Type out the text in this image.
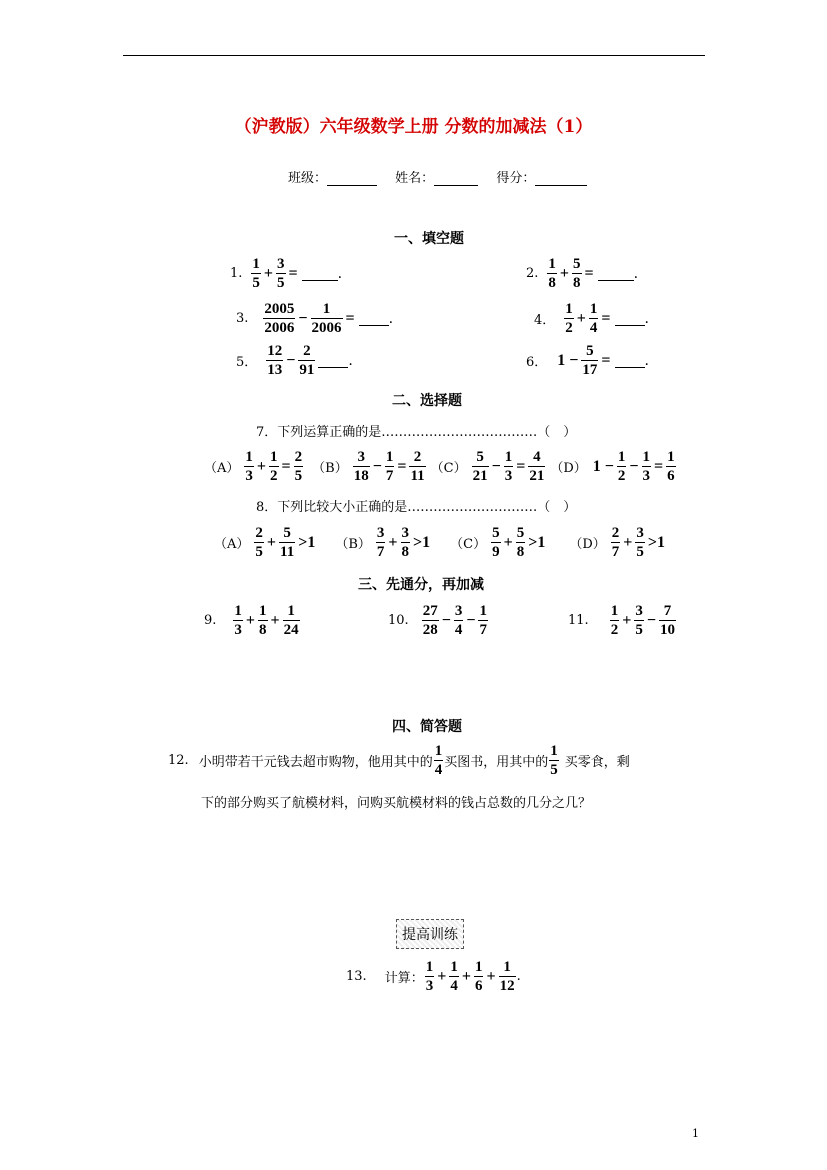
（沪教版）六年级数学上册 分数的加减法（1）
班级：	姓名：	得分：
一、填空题
1. $\frac{1}{5} + \frac{3}{5}$ =	.	2. $\frac{1}{8} + \frac{5}{8}$ =	.
3. $\frac{2005}{2006} - \frac{1}{2006}$ = .	4． $\frac{1}{2} + \frac{1}{4}$ = .
5． $\frac{12}{13} - \frac{2}{91}$ .	6． $1 - \frac{5}{17}$ = .
二、选择题
7．下列运算正确的是………………………………（　）
$(A) \frac{1}{3} + \frac{1}{2} = \frac{2}{5} (B) \frac{3}{18} - \frac{1}{7} = \frac{2}{11} (C) \frac{5}{21} - \frac{1}{3} = \frac{4}{21} (D) 1 - \frac{1}{2} - \frac{1}{3} = \frac{1}{6}$
8．下列比较大小正确的是…………………………（　）
$(A) \frac{2}{5} + \frac{5}{11} >1$ $(B) \frac{3}{7} + \frac{3}{8} >1$ $(C) \frac{5}{9} + \frac{5}{8} >1$ $(D) \frac{2}{7} + \frac{3}{5} >1$
三、先通分，再加减
9. $\frac{1}{3} + \frac{1}{8} + \frac{1}{24}$	10. $\frac{27}{28} - \frac{3}{4} - \frac{1}{7}$	11. $\frac{1}{2} + \frac{3}{5} - \frac{7}{10}$
四、简答题
12. 小明带若干元钱去超市购物，他用其中的 $\frac{1}{4}$ 买图书，用其中的 $\frac{1}{5}$ 买零食，剩
下的部分购买了航模材料，问购买航模材料的钱占总数的几分之几？
提高训练
13. 计算： $\frac{1}{3} + \frac{1}{4} + \frac{1}{6} + \frac{1}{12}$ .
1
